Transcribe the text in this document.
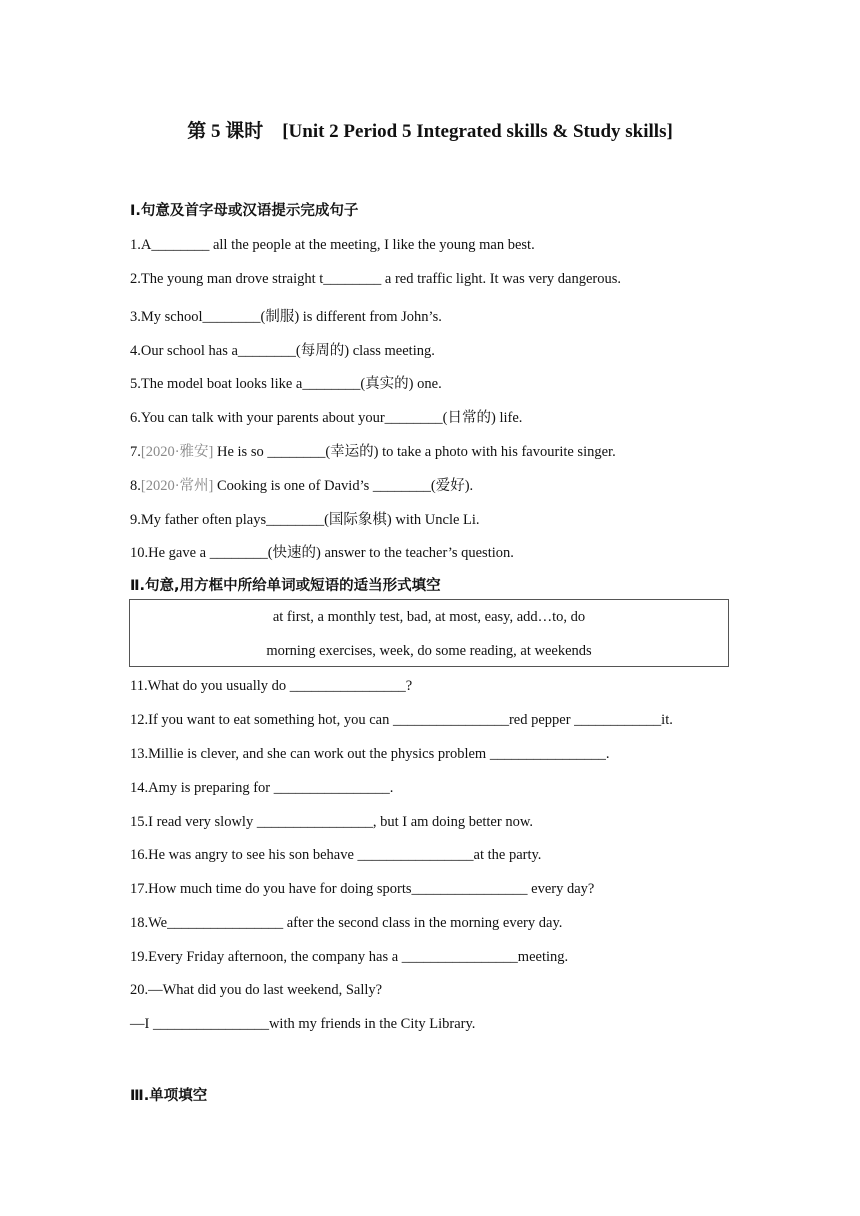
第 5 课时　[Unit 2 Period 5 Integrated skills & Study skills]
Ⅰ.句意及首字母或汉语提示完成句子
1.A________ all the people at the meeting, I like the young man best.
2.The young man drove straight t________ a red traffic light. It was very dangerous.
3.My school________(制服) is different from John’s.
4.Our school has a________(每周的) class meeting.
5.The model boat looks like a________(真实的) one.
6.You can talk with your parents about your________(日常的) life.
7.[2020·雅安] He is so ________(幸运的) to take a photo with his favourite singer.
8.[2020·常州] Cooking is one of David’s ________(爱好).
9.My father often plays________(国际象棋) with Uncle Li.
10.He gave a ________(快速的) answer to the teacher’s question.
Ⅱ.句意,用方框中所给单词或短语的适当形式填空
at first, a monthly test, bad, at most, easy, add…to, do
morning exercises, week, do some reading, at weekends
11.What do you usually do ________________?
12.If you want to eat something hot, you can ________________red pepper ____________it.
13.Millie is clever, and she can work out the physics problem ________________.
14.Amy is preparing for ________________.
15.I read very slowly ________________, but I am doing better now.
16.He was angry to see his son behave ________________at the party.
17.How much time do you have for doing sports________________ every day?
18.We________________ after the second class in the morning every day.
19.Every Friday afternoon, the company has a ________________meeting.
20.—What did you do last weekend, Sally?
—I ________________with my friends in the City Library.
Ⅲ.单项填空
